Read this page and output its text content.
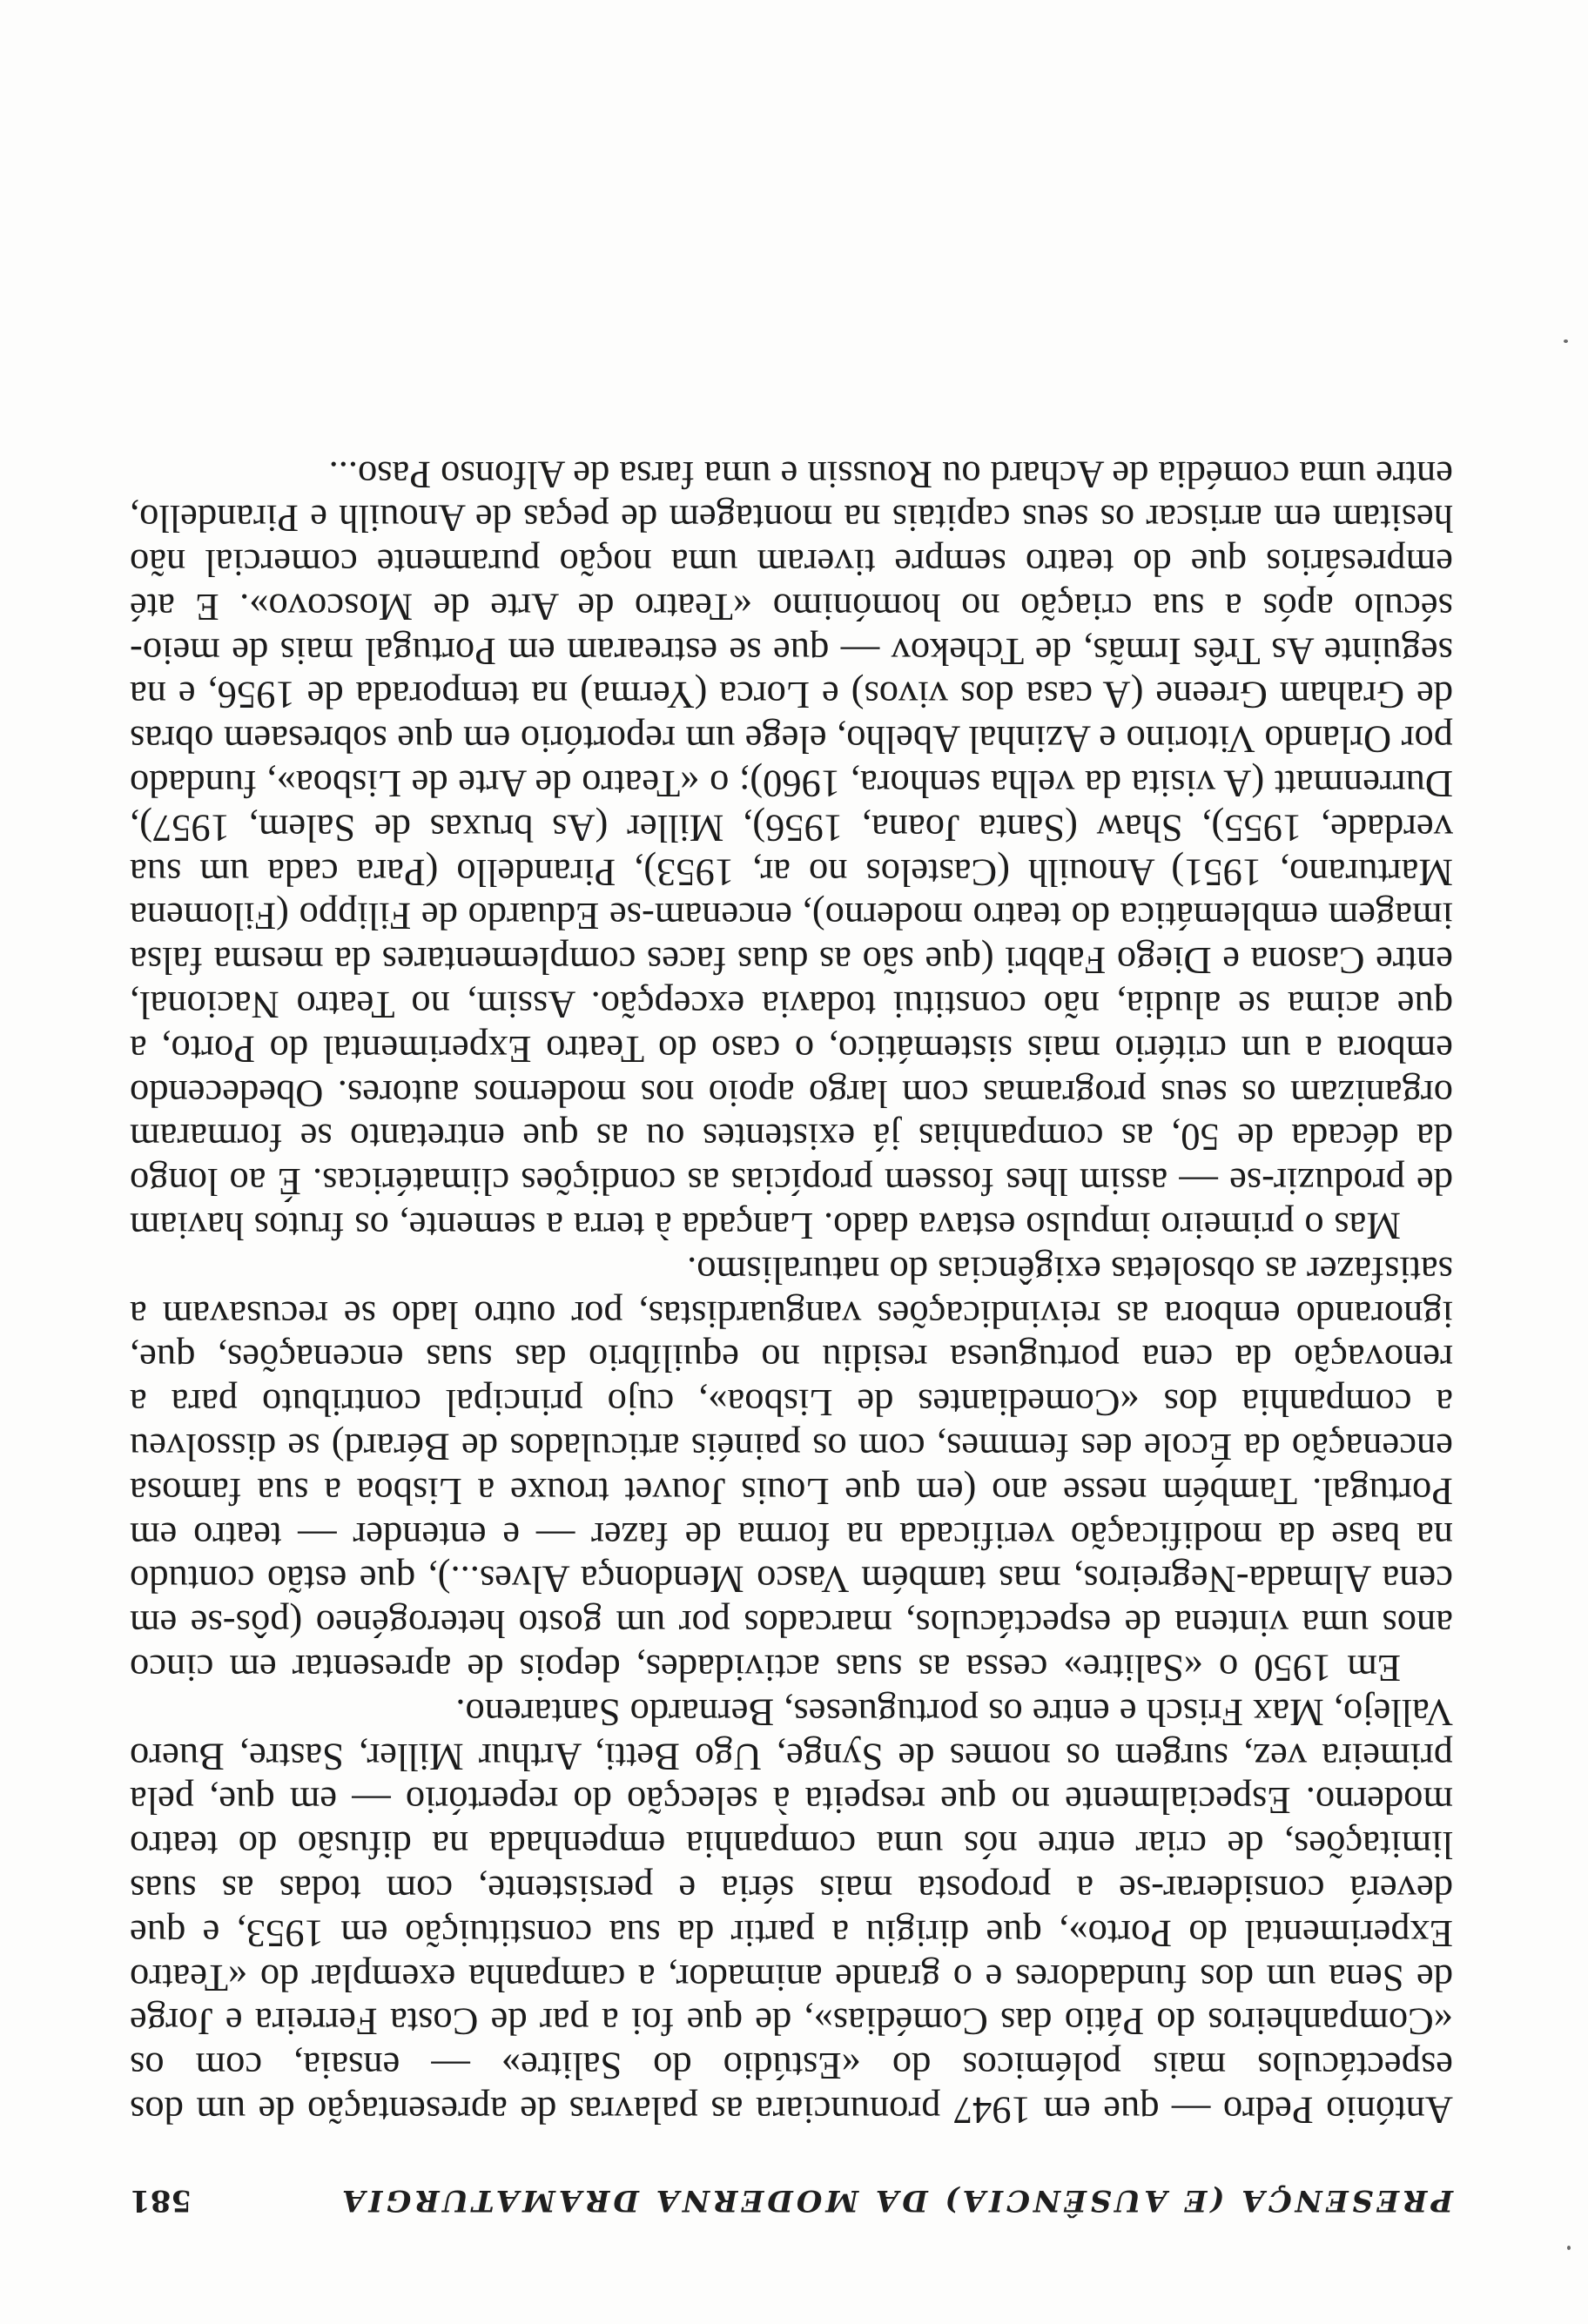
PRESENÇA (E AUSÊNCIA) DA MODERNA DRAMATURGIA
581

António Pedro — que em 1947 pronunciara as palavras de apresentação de um dos espectáculos mais polémicos do «Estúdio do Salitre» — ensaia, com os «Companheiros do Pátio das Comédias», de que foi a par de Costa Ferreira e Jorge de Sena um dos fundadores e o grande animador, a campanha exemplar do «Teatro Experimental do Porto», que dirigiu a partir da sua constituição em 1953, e que deverá considerar-se a proposta mais séria e persistente, com todas as suas limitações, de criar entre nós uma companhia empenhada na difusão do teatro moderno. Especialmente no que respeita à selecção do repertório — em que, pela primeira vez, surgem os nomes de Synge, Ugo Betti, Arthur Miller, Sastre, Buero Vallejo, Max Frisch e entre os portugueses, Bernardo Santareno.

Em 1950 o «Salitre» cessa as suas actividades, depois de apresentar em cinco anos uma vintena de espectáculos, marcados por um gosto heterogéneo (pôs-se em cena Almada-Negreiros, mas também Vasco Mendonça Alves...), que estão contudo na base da modificação verificada na forma de fazer — e entender — teatro em Portugal. Também nesse ano (em que Louis Jouvet trouxe a Lisboa a sua famosa encenação da École des femmes, com os painéis articulados de Bérard) se dissolveu a companhia dos «Comediantes de Lisboa», cujo principal contributo para a renovação da cena portuguesa residiu no equilíbrio das suas encenações, que, ignorando embora as reivindicações vanguardistas, por outro lado se recusavam a satisfazer as obsoletas exigências do naturalismo.

Mas o primeiro impulso estava dado. Lançada à terra a semente, os frutos haviam de produzir-se — assim lhes fossem propícias as condições climatéricas. É ao longo da década de 50, as companhias já existentes ou as que entretanto se formaram organizam os seus programas com largo apoio nos modernos autores. Obedecendo embora a um critério mais sistemático, o caso do Teatro Experimental do Porto, a que acima se aludia, não constitui todavia excepção. Assim, no Teatro Nacional, entre Casona e Diego Fabbri (que são as duas faces complementares da mesma falsa imagem emblemática do teatro moderno), encenam-se Eduardo de Filippo (Filomena Marturano, 1951) Anouilh (Castelos no ar, 1953), Pirandello (Para cada um sua verdade, 1955), Shaw (Santa Joana, 1956), Miller (As bruxas de Salem, 1957), Durrenmatt (A visita da velha senhora, 1960); o «Teatro de Arte de Lisboa», fundado por Orlando Vitorino e Azinhal Abelho, elege um reportório em que sobresaem obras de Graham Greene (A casa dos vivos) e Lorca (Yerma) na temporada de 1956, e na seguinte As Três Irmãs, de Tchekov — que se estrearam em Portugal mais de meio-século após a sua criação no homónimo «Teatro de Arte de Moscovo». E até empresários que do teatro sempre tiveram uma noção puramente comercial não hesitam em arriscar os seus capitais na montagem de peças de Anouilh e Pirandello, entre uma comédia de Achard ou Roussin e uma farsa de Alfonso Paso...
